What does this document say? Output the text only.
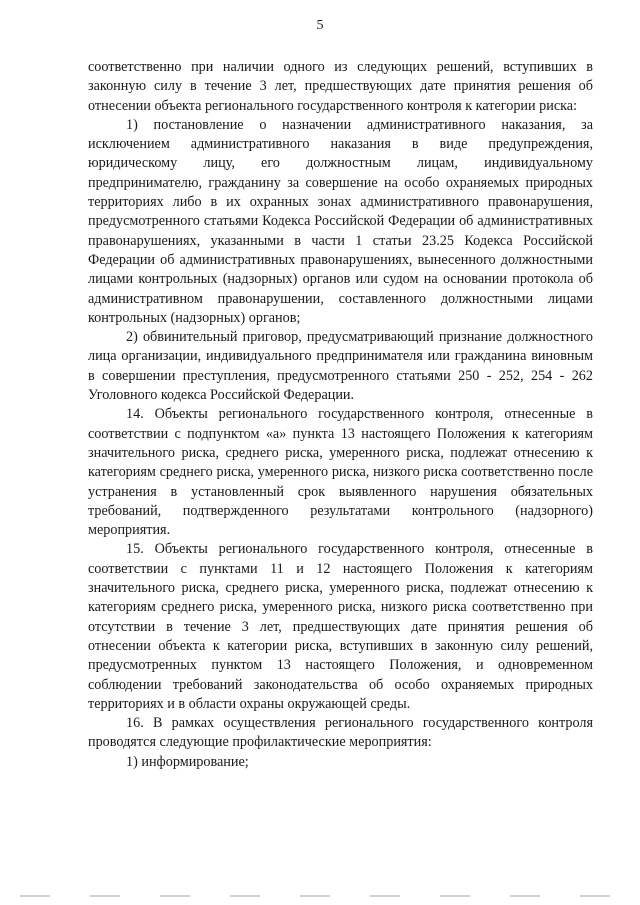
5

соответственно при наличии одного из следующих решений, вступивших в законную силу в течение 3 лет, предшествующих дате принятия решения об отнесении объекта регионального государственного контроля к категории риска:

1) постановление о назначении административного наказания, за исключением административного наказания в виде предупреждения, юридическому лицу, его должностным лицам, индивидуальному предпринимателю, гражданину за совершение на особо охраняемых природных территориях либо в их охранных зонах административного правонарушения, предусмотренного статьями Кодекса Российской Федерации об административных правонарушениях, указанными в части 1 статьи 23.25 Кодекса Российской Федерации об административных правонарушениях, вынесенного должностными лицами контрольных (надзорных) органов или судом на основании протокола об административном правонарушении, составленного должностными лицами контрольных (надзорных) органов;

2) обвинительный приговор, предусматривающий признание должностного лица организации, индивидуального предпринимателя или гражданина виновным в совершении преступления, предусмотренного статьями 250 - 252, 254 - 262 Уголовного кодекса Российской Федерации.

14. Объекты регионального государственного контроля, отнесенные в соответствии с подпунктом «а» пункта 13 настоящего Положения к категориям значительного риска, среднего риска, умеренного риска, подлежат отнесению к категориям среднего риска, умеренного риска, низкого риска соответственно после устранения в установленный срок выявленного нарушения обязательных требований, подтвержденного результатами контрольного (надзорного) мероприятия.

15. Объекты регионального государственного контроля, отнесенные в соответствии с пунктами 11 и 12 настоящего Положения к категориям значительного риска, среднего риска, умеренного риска, подлежат отнесению к категориям среднего риска, умеренного риска, низкого риска соответственно при отсутствии в течение 3 лет, предшествующих дате принятия решения об отнесении объекта к категории риска, вступивших в законную силу решений, предусмотренных пунктом 13 настоящего Положения, и одновременном соблюдении требований законодательства об особо охраняемых природных территориях и в области охраны окружающей среды.

16. В рамках осуществления регионального государственного контроля проводятся следующие профилактические мероприятия:

1) информирование;
